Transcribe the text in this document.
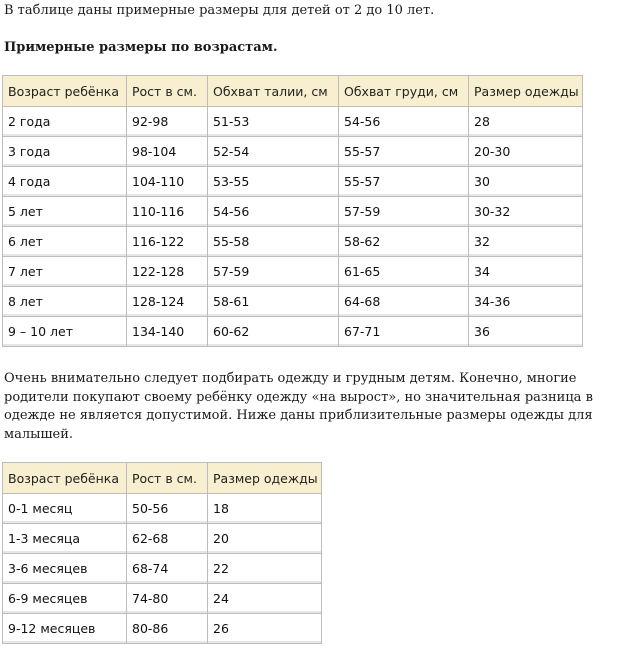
В таблице даны примерные размеры для детей от 2 до 10 лет.

Примерные размеры по возрастам.

Возраст ребёнка	Рост в см.	Обхват талии, см	Обхват груди, см	Размер одежды
2 года	92-98	51-53	54-56	28
3 года	98-104	52-54	55-57	20-30
4 года	104-110	53-55	55-57	30
5 лет	110-116	54-56	57-59	30-32
6 лет	116-122	55-58	58-62	32
7 лет	122-128	57-59	61-65	34
8 лет	128-124	58-61	64-68	34-36
9 – 10 лет	134-140	60-62	67-71	36

Очень внимательно следует подбирать одежду и грудным детям. Конечно, многие родители покупают своему ребёнку одежду «на вырост», но значительная разница в одежде не является допустимой. Ниже даны приблизительные размеры одежды для малышей.

Возраст ребёнка	Рост в см.	Размер одежды
0-1 месяц	50-56	18
1-3 месяца	62-68	20
3-6 месяцев	68-74	22
6-9 месяцев	74-80	24
9-12 месяцев	80-86	26
